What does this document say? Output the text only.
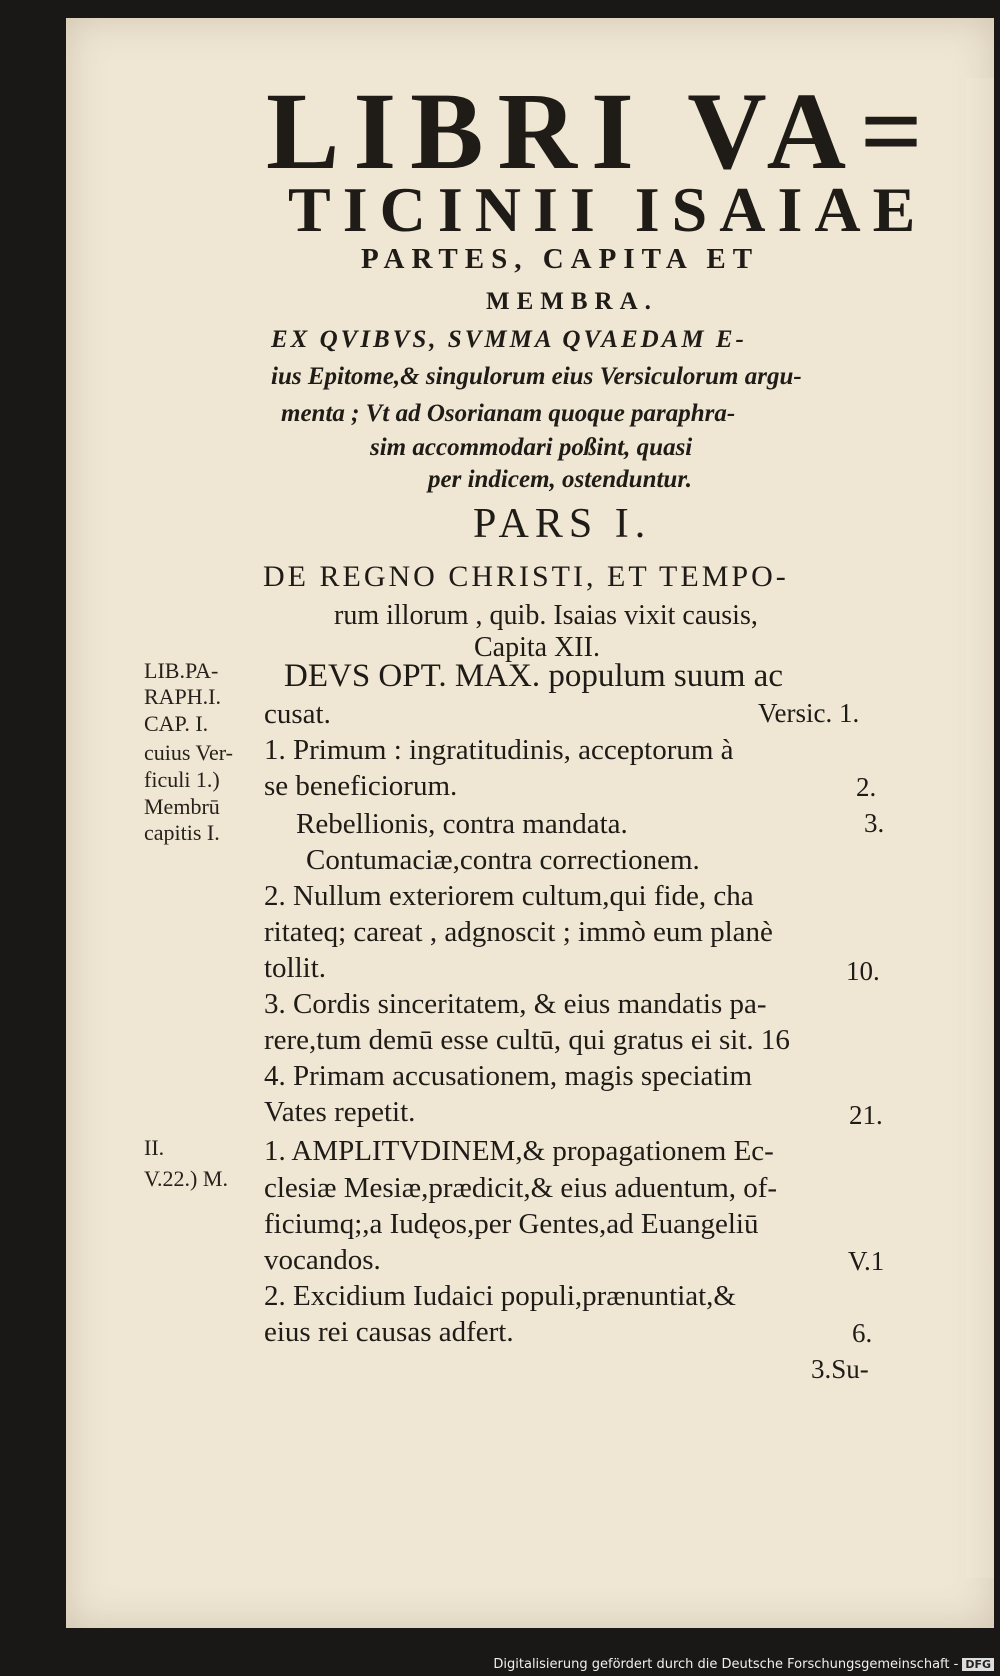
LIBRI VA=
TICINII ISAIAE
PARTES, CAPITA ET
MEMBRA.
EX QVIBVS, SVMMA QVAEDAM E-
ius Epitome,& singulorum eius Versiculorum argu-
menta ; Vt ad Osorianam quoque paraphra-
sim accommodari poßint, quasi
per indicem, ostenduntur.
PARS I.
DE REGNO CHRISTI, ET TEMPO-
rum illorum , quib. Isaias vixit causis,
Capita XII.
LIB.PA-
RAPH.I.
CAP. I.
cuius Ver-
ficuli 1.)
Membrū
capitis I.
II.
V.22.) M.
DEVS OPT. MAX. populum suum ac
cusat.	Versic. 1.
1. Primum : ingratitudinis, acceptorum à
se beneficiorum.	2.
Rebellionis, contra mandata.	3.
Contumaciæ,contra correctionem.
2. Nullum exteriorem cultum,qui fide, cha
ritateq; careat , adgnoscit ; immò eum planè
tollit.	10.
3. Cordis sinceritatem, & eius mandatis pa-
rere,tum demū esse cultū, qui gratus ei sit. 16
4. Primam accusationem, magis speciatim
Vates repetit.	21.
1. AMPLITVDINEM,& propagationem Ec-
clesiæ Mesiæ,prædicit,& eius aduentum, of-
ficiumq;,a Iudęos,per Gentes,ad Euangeliū
vocandos.	V.1
2. Excidium Iudaici populi,prænuntiat,&
eius rei causas adfert.	6.
3.Su-
Digitalisierung gefördert durch die Deutsche Forschungsgemeinschaft - DFG
